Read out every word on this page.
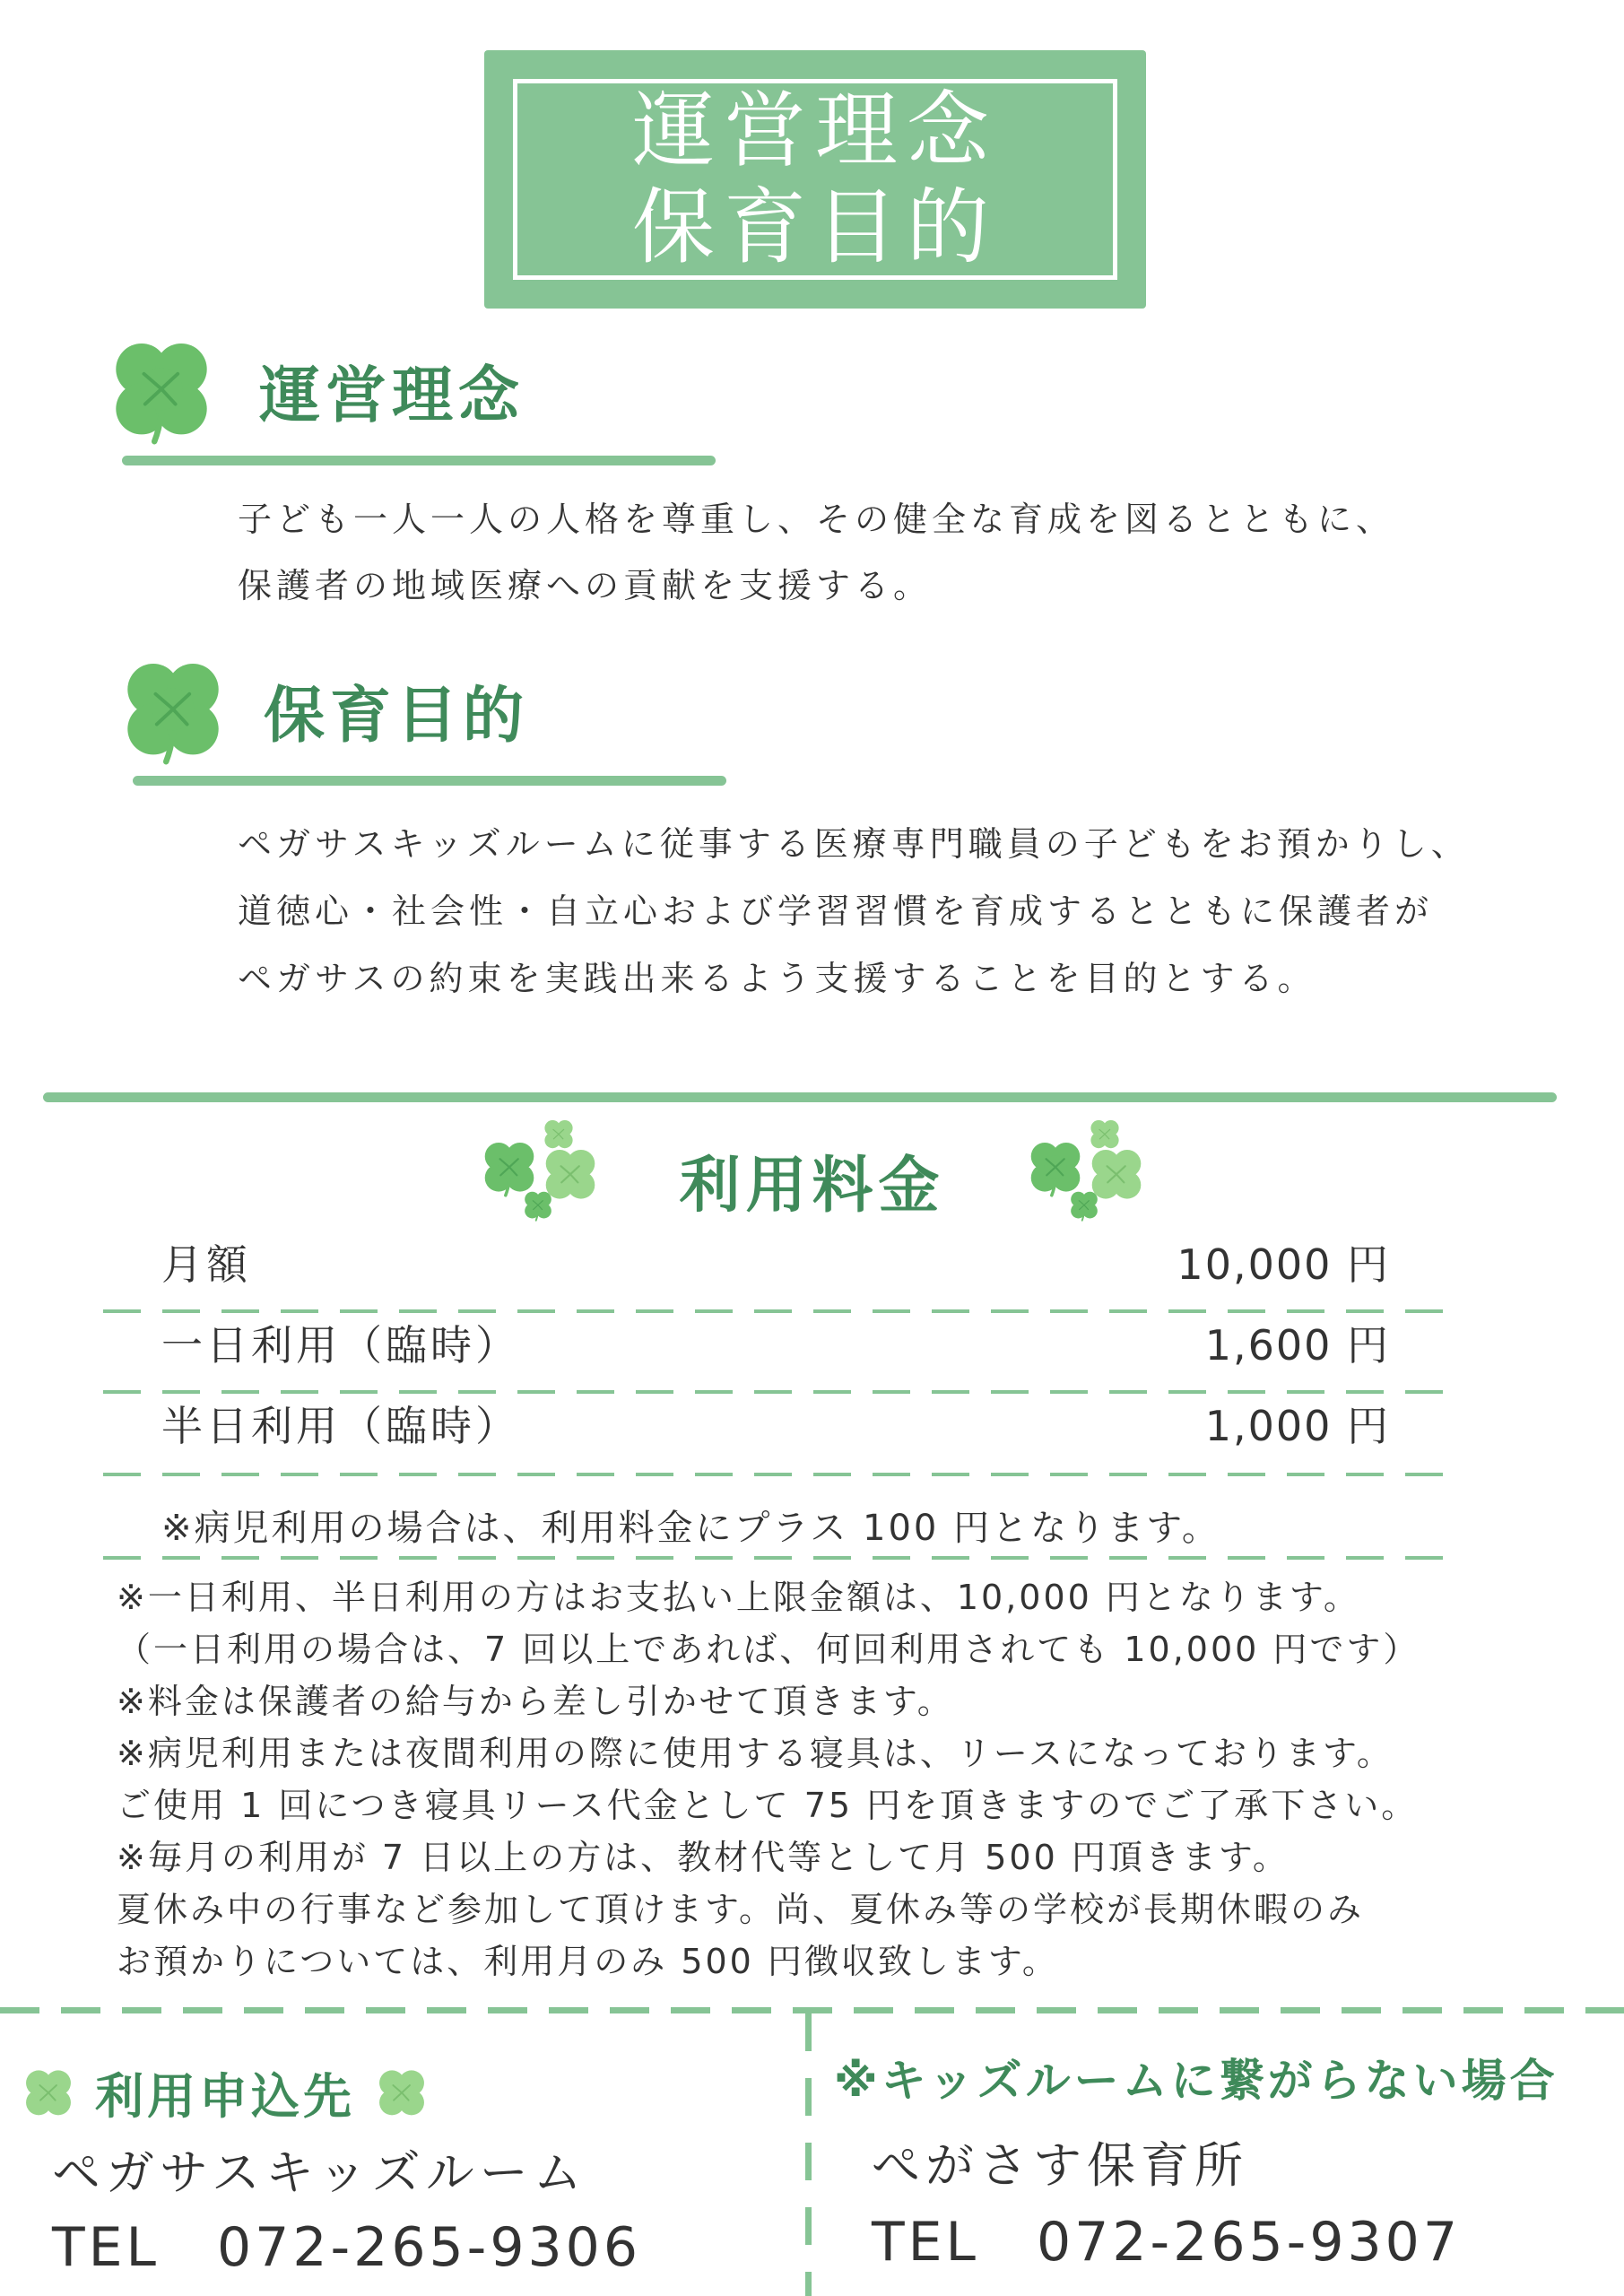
運営理念
保育目的
運営理念
子ども一人一人の人格を尊重し、その健全な育成を図るとともに、
保護者の地域医療への貢献を支援する。
保育目的
ペガサスキッズルームに従事する医療専門職員の子どもをお預かりし、
道徳心・社会性・自立心および学習習慣を育成するとともに保護者が
ペガサスの約束を実践出来るよう支援することを目的とする。
利用料金
月額	10,000 円
一日利用（臨時）	1,600 円
半日利用（臨時）	1,000 円
※病児利用の場合は、利用料金にプラス 100 円となります。
※一日利用、半日利用の方はお支払い上限金額は、10,000 円となります。
（一日利用の場合は、7 回以上であれば、何回利用されても 10,000 円です）
※料金は保護者の給与から差し引かせて頂きます。
※病児利用または夜間利用の際に使用する寝具は、リースになっております。
ご使用 1 回につき寝具リース代金として 75 円を頂きますのでご了承下さい。
※毎月の利用が 7 日以上の方は、教材代等として月 500 円頂きます。
夏休み中の行事など参加して頂けます。尚、夏休み等の学校が長期休暇のみ
お預かりについては、利用月のみ 500 円徴収致します。
利用申込先
ペガサスキッズルーム
TEL　072-265-9306
※キッズルームに繋がらない場合
ぺがさす保育所
TEL　072-265-9307
